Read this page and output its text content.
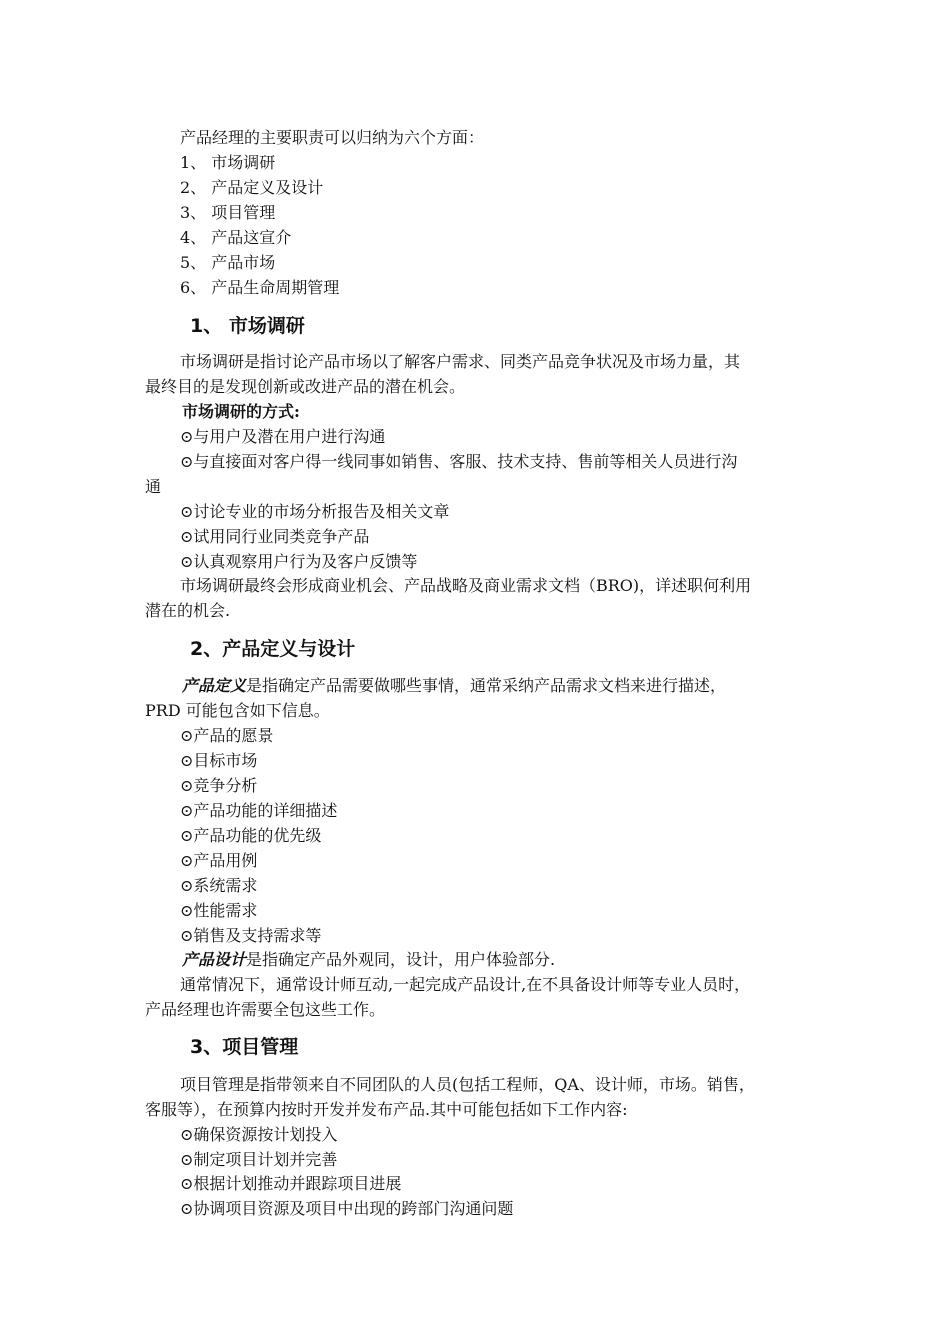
产品经理的主要职责可以归纳为六个方面：
1、 市场调研
2、 产品定义及设计
3、 项目管理
4、 产品这宣介
5、 产品市场
6、 产品生命周期管理
1、 市场调研
市场调研是指讨论产品市场以了解客户需求、同类产品竞争状况及市场力量，其
最终目的是发现创新或改进产品的潜在机会。
市场调研的方式:
⊙与用户及潜在用户进行沟通
⊙与直接面对客户得一线同事如销售、客服、技术支持、售前等相关人员进行沟
通
⊙讨论专业的市场分析报告及相关文章
⊙试用同行业同类竞争产品
⊙认真观察用户行为及客户反馈等
市场调研最终会形成商业机会、产品战略及商业需求文档（BRO)，详述职何利用
潜在的机会.
2、产品定义与设计
产品定义是指确定产品需要做哪些事情，通常采纳产品需求文档来进行描述，
PRD 可能包含如下信息。
⊙产品的愿景
⊙目标市场
⊙竞争分析
⊙产品功能的详细描述
⊙产品功能的优先级
⊙产品用例
⊙系统需求
⊙性能需求
⊙销售及支持需求等
产品设计是指确定产品外观同，设计，用户体验部分.
通常情况下，通常设计师互动,一起完成产品设计,在不具备设计师等专业人员时，
产品经理也许需要全包这些工作。
3、项目管理
项目管理是指带领来自不同团队的人员(包括工程师，QA、设计师，市场。销售，
客服等），在预算内按时开发并发布产品.其中可能包括如下工作内容:
⊙确保资源按计划投入
⊙制定项目计划并完善
⊙根据计划推动并跟踪项目进展
⊙协调项目资源及项目中出现的跨部门沟通问题
